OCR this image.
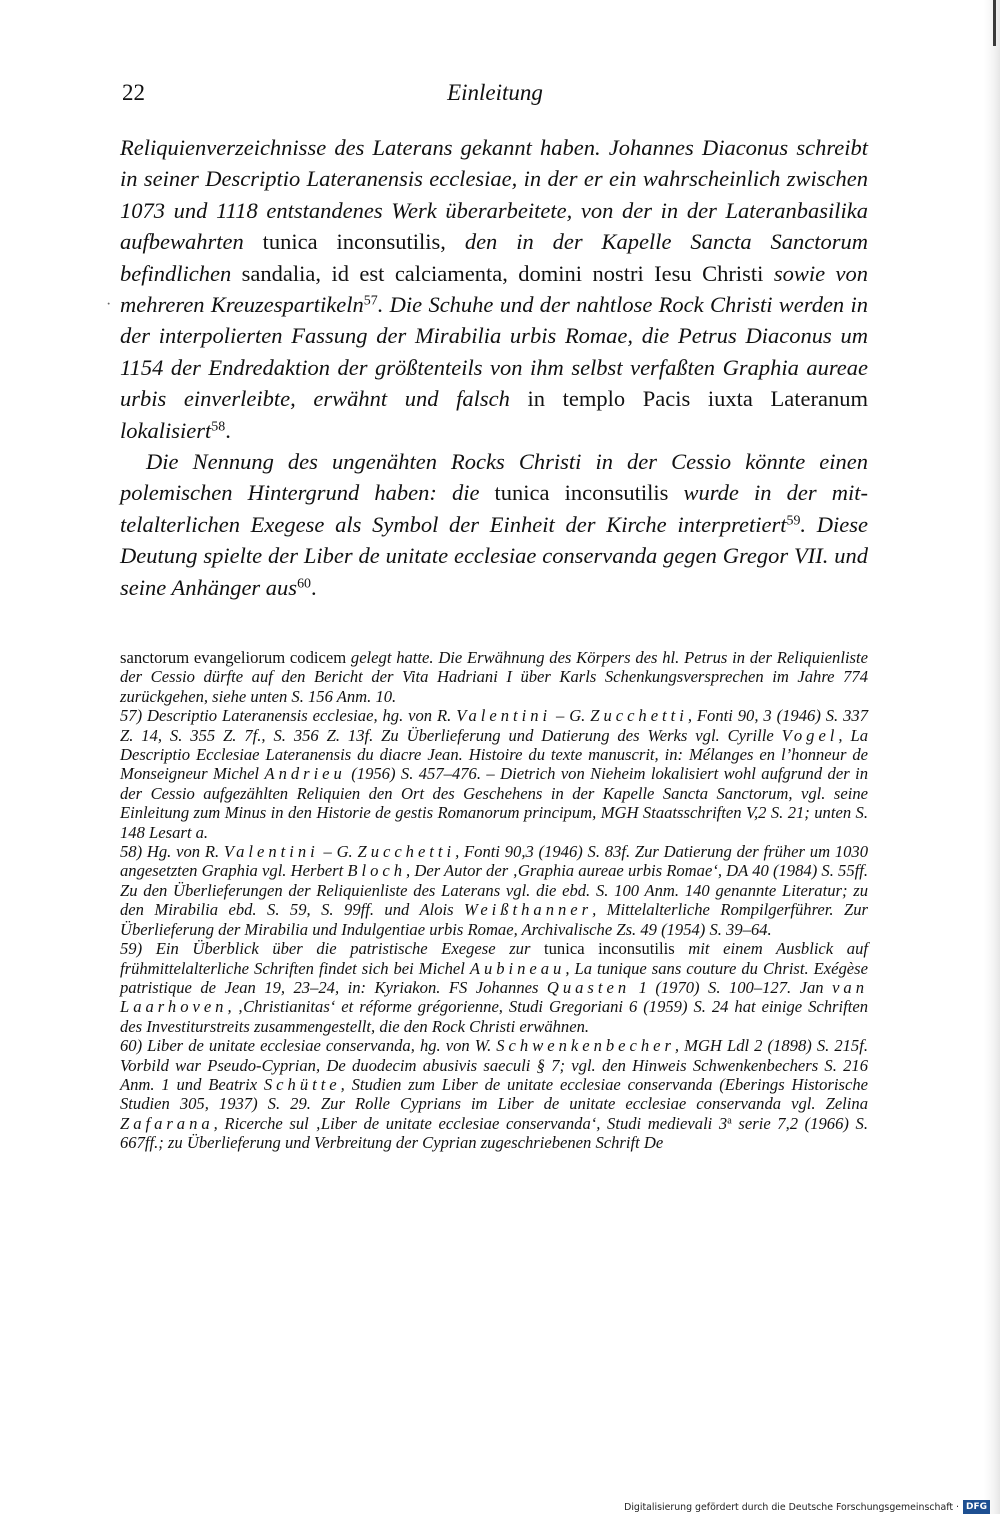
22	Einleitung
·

Reliquienverzeichnisse des Laterans gekannt haben. Johannes Diaconus schreibt in seiner Descriptio Lateranensis ecclesiae, in der er ein wahrscheinlich zwischen 1073 und 1118 entstandenes Werk überarbeitete, von der in der Lateranbasilika aufbewahrten tunica inconsutilis, den in der Kapelle Sancta Sanctorum befindlichen sandalia, id est calciamenta, domini nostri Iesu Christi sowie von mehreren Kreuzespartikeln$^{57}$. Die Schuhe und der nahtlose Rock Christi werden in der interpolierten Fassung der Mirabilia urbis Romae, die Petrus Diaconus um 1154 der Endredaktion der größtenteils von ihm selbst verfaßten Graphia aureae urbis einverleibte, erwähnt und falsch in templo Pacis iuxta Lateranum lokalisiert$^{58}$.

Die Nennung des ungenähten Rocks Christi in der Cessio könnte einen polemischen Hintergrund haben: die tunica inconsutilis wurde in der mittelalterlichen Exegese als Symbol der Einheit der Kirche interpretiert$^{59}$. Diese Deutung spielte der Liber de unitate ecclesiae conservanda gegen Gregor VII. und seine Anhänger aus$^{60}$.

sanctorum evangeliorum codicem gelegt hatte. Die Erwähnung des Körpers des hl. Petrus in der Reliquienliste der Cessio dürfte auf den Bericht der Vita Hadriani I über Karls Schenkungsversprechen im Jahre 774 zurückgehen, siehe unten S. 156 Anm. 10.

57) Descriptio Lateranensis ecclesiae, hg. von R. Valentini – G. Zucchetti, Fonti 90, 3 (1946) S. 337 Z. 14, S. 355 Z. 7f., S. 356 Z. 13f. Zu Überlieferung und Datierung des Werks vgl. Cyrille Vogel, La Descriptio Ecclesiae Lateranensis du diacre Jean. Histoire du texte manuscrit, in: Mélanges en l’honneur de Monseigneur Michel Andrieu (1956) S. 457–476. – Dietrich von Nieheim lokalisiert wohl aufgrund der in der Cessio aufgezählten Reliquien den Ort des Geschehens in der Kapelle Sancta Sanctorum, vgl. seine Einleitung zum Minus in den Historie de gestis Romanorum principum, MGH Staatsschriften V,2 S. 21; unten S. 148 Lesart a.

58) Hg. von R. Valentini – G. Zucchetti, Fonti 90,3 (1946) S. 83f. Zur Datierung der früher um 1030 angesetzten Graphia vgl. Herbert Bloch, Der Autor der ‚Graphia aureae urbis Romae‘, DA 40 (1984) S. 55ff. Zu den Überlieferungen der Reliquienliste des Laterans vgl. die ebd. S. 100 Anm. 140 genannte Literatur; zu den Mirabilia ebd. S. 59, S. 99ff. und Alois Weißthanner, Mittelalterliche Rompilgerführer. Zur Überlieferung der Mirabilia und Indulgentiae urbis Romae, Archivalische Zs. 49 (1954) S. 39–64.

59) Ein Überblick über die patristische Exegese zur tunica inconsutilis mit einem Ausblick auf frühmittelalterliche Schriften findet sich bei Michel Aubineau, La tunique sans couture du Christ. Exégèse patristique de Jean 19, 23–24, in: Kyriakon. FS Johannes Quasten 1 (1970) S. 100–127. Jan van Laarhoven, ‚Christianitas‘ et réforme grégorienne, Studi Gregoriani 6 (1959) S. 24 hat einige Schriften des Investiturstreits zusammengestellt, die den Rock Christi erwähnen.

60) Liber de unitate ecclesiae conservanda, hg. von W. Schwenkenbecher, MGH Ldl 2 (1898) S. 215f. Vorbild war Pseudo-Cyprian, De duodecim abusivis saeculi § 7; vgl. den Hinweis Schwenkenbechers S. 216 Anm. 1 und Beatrix Schütte, Studien zum Liber de unitate ecclesiae conservanda (Eberings Historische Studien 305, 1937) S. 29. Zur Rolle Cyprians im Liber de unitate ecclesiae conservanda vgl. Zelina Zafarana, Ricerche sul ‚Liber de unitate ecclesiae conservanda‘, Studi medievali 3$^a$ serie 7,2 (1966) S. 667ff.; zu Überlieferung und Verbreitung der Cyprian zugeschriebenen Schrift De

Digitalisierung gefördert durch die Deutsche Forschungsgemeinschaft · DFG
